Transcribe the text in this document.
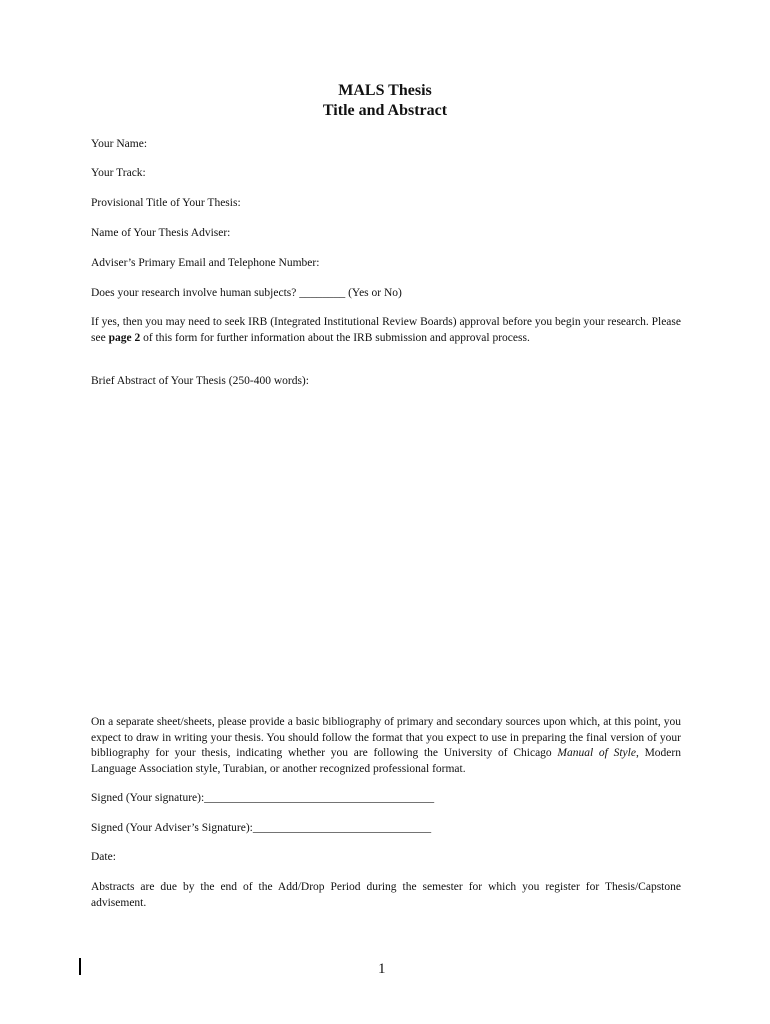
MALS Thesis
Title and Abstract
Your Name:
Your Track:
Provisional Title of Your Thesis:
Name of Your Thesis Adviser:
Adviser’s Primary Email and Telephone Number:
Does your research involve human subjects? ________ (Yes or No)
If yes, then you may need to seek IRB (Integrated Institutional Review Boards) approval before you begin your research. Please see page 2 of this form for further information about the IRB submission and approval process.
Brief Abstract of Your Thesis (250-400 words):
On a separate sheet/sheets, please provide a basic bibliography of primary and secondary sources upon which, at this point, you expect to draw in writing your thesis. You should follow the format that you expect to use in preparing the final version of your bibliography for your thesis, indicating whether you are following the University of Chicago Manual of Style, Modern Language Association style, Turabian, or another recognized professional format.
Signed (Your signature):________________________________________
Signed (Your Adviser’s Signature):_______________________________
Date:
Abstracts are due by the end of the Add/Drop Period during the semester for which you register for Thesis/Capstone advisement.
1
